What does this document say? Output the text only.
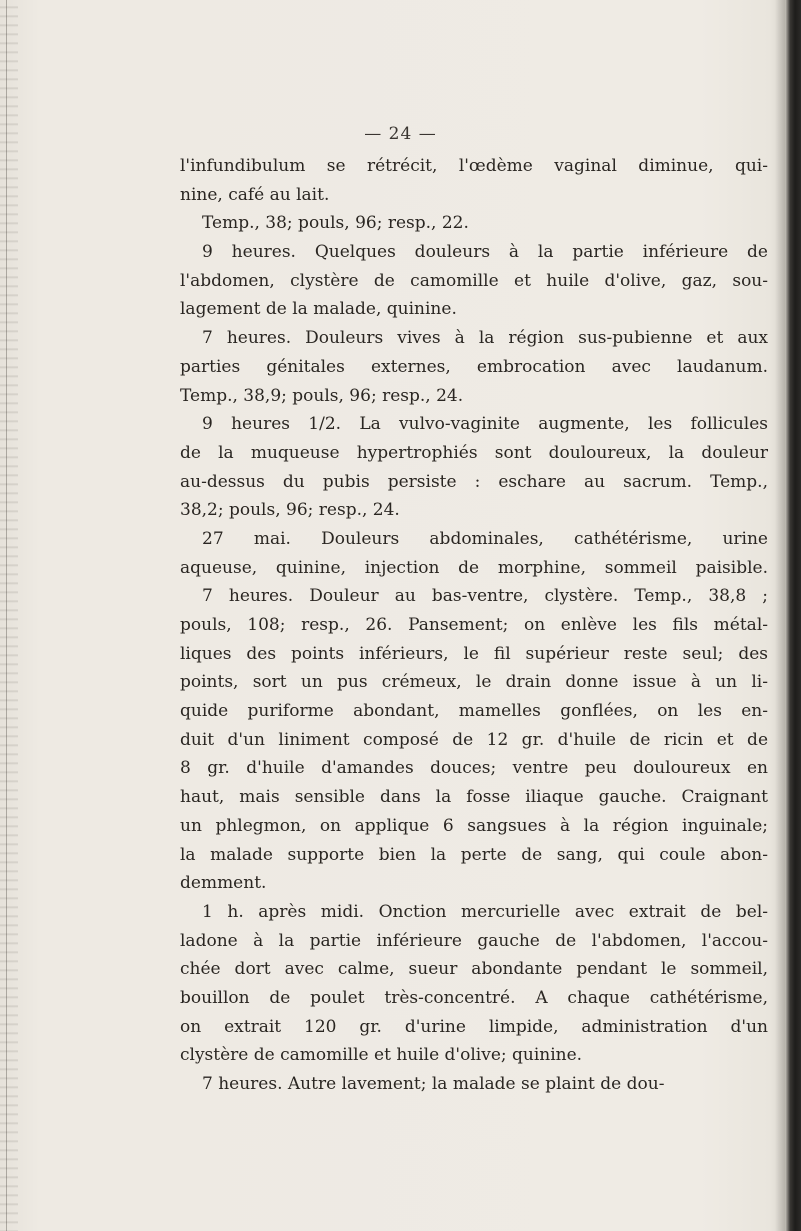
— 24 —
l'infundibulum se rétrécit, l'œdème vaginal diminue, qui-
nine, café au lait.
Temp., 38; pouls, 96; resp., 22.
9 heures. Quelques douleurs à la partie inférieure de
l'abdomen, clystère de camomille et huile d'olive, gaz, sou-
lagement de la malade, quinine.
7 heures. Douleurs vives à la région sus-pubienne et aux
parties génitales externes, embrocation avec laudanum.
Temp., 38,9; pouls, 96; resp., 24.
9 heures 1/2. La vulvo-vaginite augmente, les follicules
de la muqueuse hypertrophiés sont douloureux, la douleur
au-dessus du pubis persiste : eschare au sacrum. Temp.,
38,2; pouls, 96; resp., 24.
27 mai. Douleurs abdominales, cathétérisme, urine
aqueuse, quinine, injection de morphine, sommeil paisible.
7 heures. Douleur au bas-ventre, clystère. Temp., 38,8 ;
pouls, 108; resp., 26. Pansement; on enlève les fils métal-
liques des points inférieurs, le fil supérieur reste seul; des
points, sort un pus crémeux, le drain donne issue à un li-
quide puriforme abondant, mamelles gonflées, on les en-
duit d'un liniment composé de 12 gr. d'huile de ricin et de
8 gr. d'huile d'amandes douces; ventre peu douloureux en
haut, mais sensible dans la fosse iliaque gauche. Craignant
un phlegmon, on applique 6 sangsues à la région inguinale;
la malade supporte bien la perte de sang, qui coule abon-
demment.
1 h. après midi. Onction mercurielle avec extrait de bel-
ladone à la partie inférieure gauche de l'abdomen, l'accou-
chée dort avec calme, sueur abondante pendant le sommeil,
bouillon de poulet très-concentré. A chaque cathétérisme,
on extrait 120 gr. d'urine limpide, administration d'un
clystère de camomille et huile d'olive; quinine.
7 heures. Autre lavement; la malade se plaint de dou-
